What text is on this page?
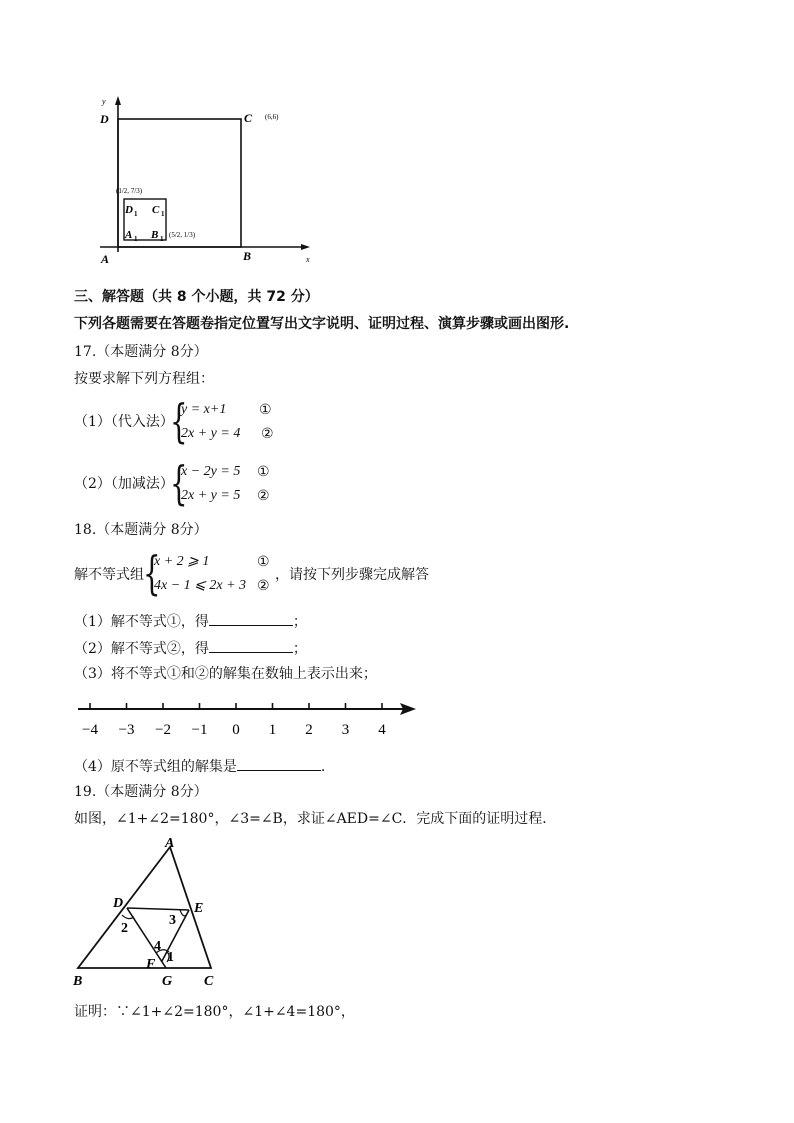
y
x
D	C (6,6)
A	B
(1/2, 7/3)
D 1 C 1
A 1 B 1 (5/2, 1/3)
三、解答题（共 8 个小题，共 72 分）
下列各题需要在答题卷指定位置写出文字说明、证明过程、演算步骤或画出图形.
17.（本题满分 8分）
按要求解下列方程组：
（1）（代入法）
{
y = x+1
2x + y = 4
①
②
（2）（加减法）
{
x − 2y = 5
2x + y = 5
①
②
18.（本题满分 8分）
解不等式组 {
x + 2 ⩾ 1
4x − 1 ⩽ 2x + 3
①
②
，请按下列步骤完成解答
（1）解不等式①，得	；
（2）解不等式②，得	；
（3）将不等式①和②的解集在数轴上表示出来；
−4 −3 −2 −1 0 1 2 3 4
（4）原不等式组的解集是	.
19.（本题满分 8分）
如图，∠1+∠2=180°，∠3=∠B，求证∠AED=∠C．完成下面的证明过程．
A
B	C
D	E
F
G
1
2
3
4
证明：∵∠1+∠2=180°，∠1+∠4=180°，
